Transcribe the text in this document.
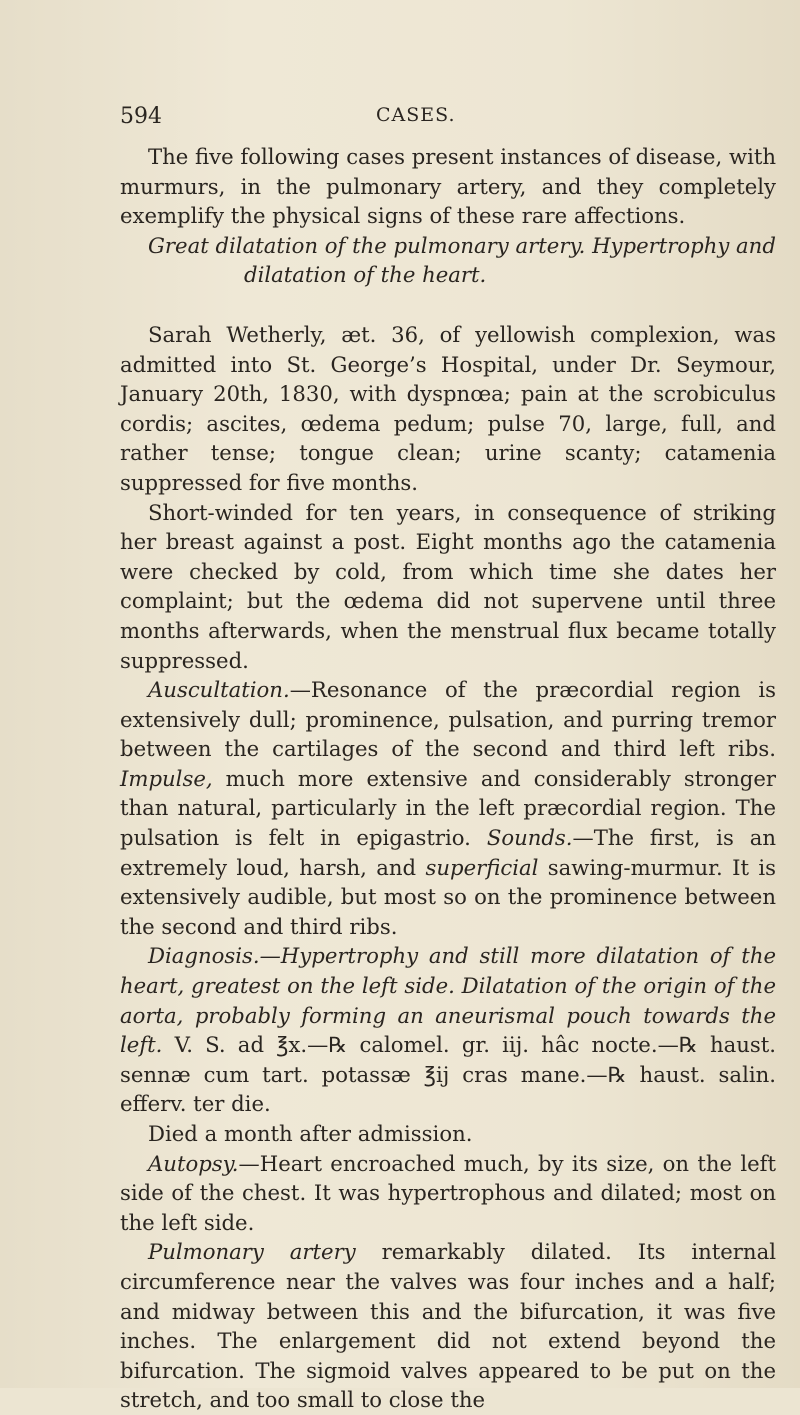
594	CASES.

The five following cases present instances of disease, with murmurs, in the pulmonary artery, and they completely exemplify the physical signs of these rare affections.

Great dilatation of the pulmonary artery. Hypertrophy and
dilatation of the heart.

Sarah Wetherly, æt. 36, of yellowish complexion, was admitted into St. George’s Hospital, under Dr. Seymour, January 20th, 1830, with dyspnœa; pain at the scrobiculus cordis; ascites, œdema pedum; pulse 70, large, full, and rather tense; tongue clean; urine scanty; catamenia suppressed for five months.

Short-winded for ten years, in consequence of striking her breast against a post. Eight months ago the catamenia were checked by cold, from which time she dates her complaint; but the œdema did not supervene until three months afterwards, when the menstrual flux became totally suppressed.

Auscultation.—Resonance of the præcordial region is extensively dull; prominence, pulsation, and purring tremor between the cartilages of the second and third left ribs. Impulse, much more extensive and considerably stronger than natural, particularly in the left præcordial region. The pulsation is felt in epigastrio. Sounds.—The first, is an extremely loud, harsh, and superficial sawing-murmur. It is extensively audible, but most so on the prominence between the second and third ribs.

Diagnosis.—Hypertrophy and still more dilatation of the heart, greatest on the left side. Dilatation of the origin of the aorta, probably forming an aneurismal pouch towards the left. V. S. ad ℥x.—℞ calomel. gr. iij. hâc nocte.—℞ haust. sennæ cum tart. potassæ ℥ij cras mane.—℞ haust. salin. efferv. ter die.

Died a month after admission.

Autopsy.—Heart encroached much, by its size, on the left side of the chest. It was hypertrophous and dilated; most on the left side.

Pulmonary artery remarkably dilated. Its internal circumference near the valves was four inches and a half; and midway between this and the bifurcation, it was five inches. The enlargement did not extend beyond the bifurcation. The sigmoid valves appeared to be put on the stretch, and too small to close the
